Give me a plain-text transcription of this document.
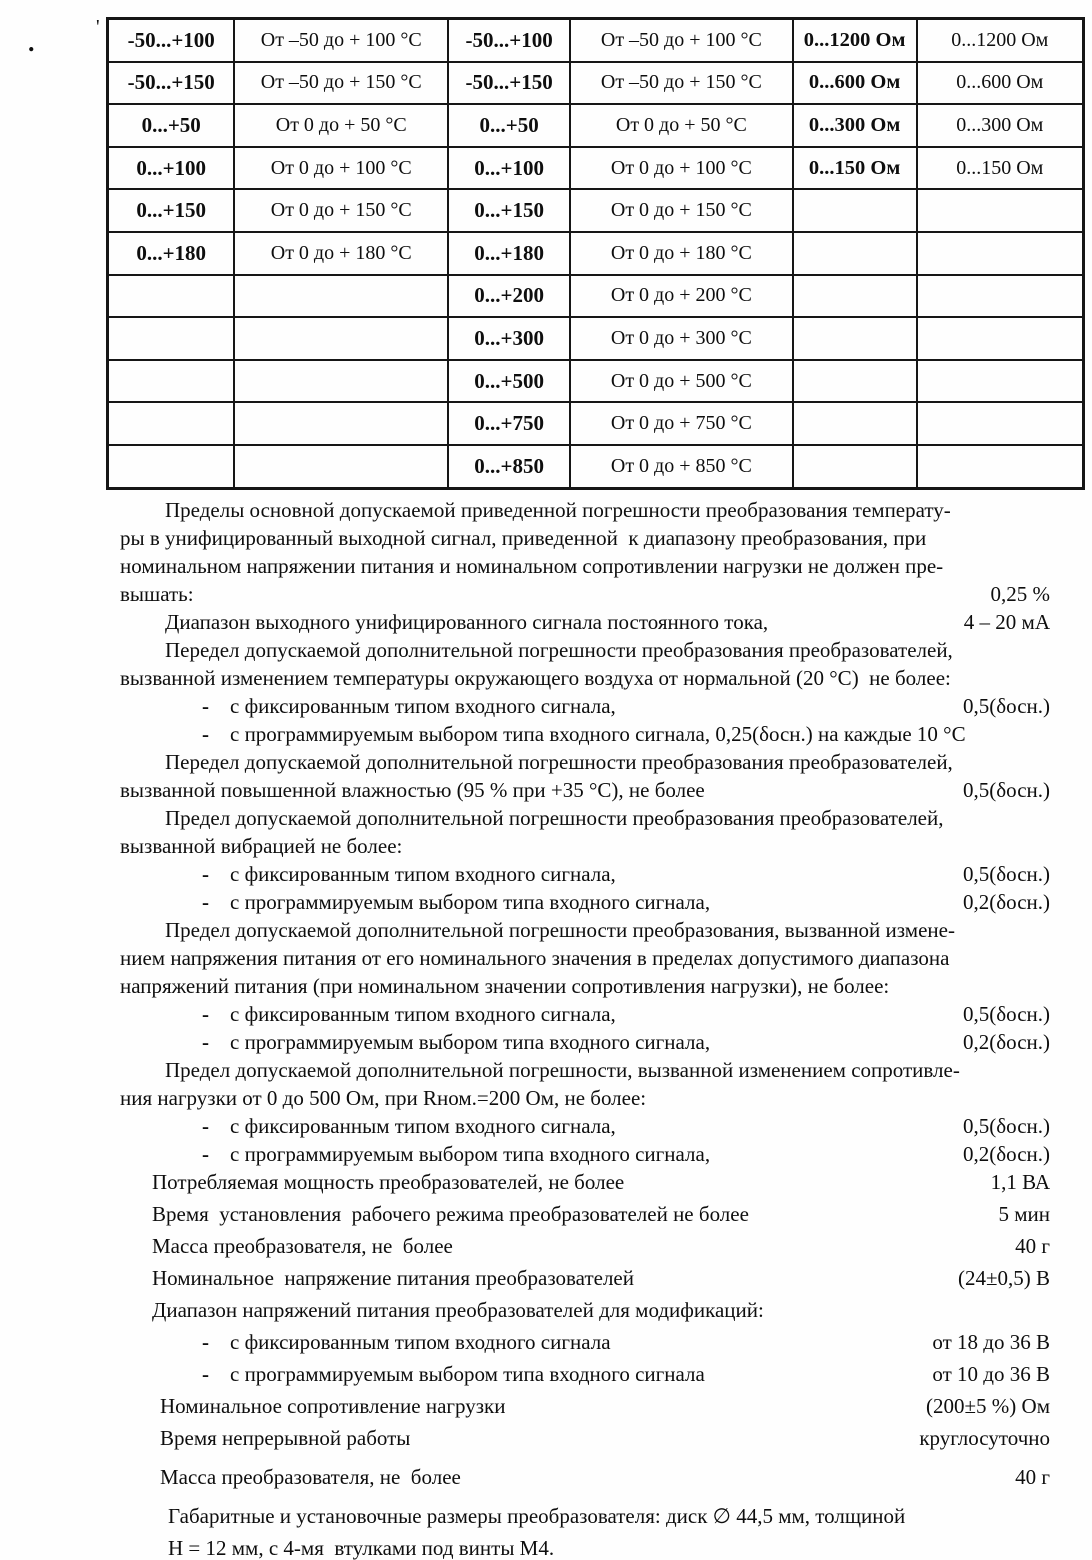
.
'
-50...+100	От –50 до + 100 °С	-50...+100	От –50 до + 100 °С	0...1200 Ом	0...1200 Ом
-50...+150	От –50 до + 150 °С	-50...+150	От –50 до + 150 °С	0...600 Ом	0...600 Ом
0...+50	От 0 до + 50 °С	0...+50	От 0 до + 50 °С	0...300 Ом	0...300 Ом
0...+100	От 0 до + 100 °С	0...+100	От 0 до + 100 °С	0...150 Ом	0...150 Ом
0...+150	От 0 до + 150 °С	0...+150	От 0 до + 150 °С		
0...+180	От 0 до + 180 °С	0...+180	От 0 до + 180 °С		
		0...+200	От 0 до + 200 °С		
		0...+300	От 0 до + 300 °С		
		0...+500	От 0 до + 500 °С		
		0...+750	От 0 до + 750 °С		
		0...+850	От 0 до + 850 °С		
Пределы основной допускаемой приведенной погрешности преобразования температу-
ры в унифицированный выходной сигнал, приведенной  к диапазону преобразования, при
номинальном напряжении питания и номинальном сопротивлении нагрузки не должен пре-
вышать:	0,25 %
Диапазон выходного унифицированного сигнала постоянного тока,	4 – 20 мА
Передел допускаемой дополнительной погрешности преобразования преобразователей,
вызванной изменением температуры окружающего воздуха от нормальной (20 °С)  не более:
-	с фиксированным типом входного сигнала,	0,5(δосн.)
-	с программируемым выбором типа входного сигнала, 0,25(δосн.) на каждые 10 °С
Передел допускаемой дополнительной погрешности преобразования преобразователей,
вызванной повышенной влажностью (95 % при +35 °С), не более	0,5(δосн.)
Предел допускаемой дополнительной погрешности преобразования преобразователей,
вызванной вибрацией не более:
-	с фиксированным типом входного сигнала,	0,5(δосн.)
-	с программируемым выбором типа входного сигнала,	0,2(δосн.)
Предел допускаемой дополнительной погрешности преобразования, вызванной измене-
нием напряжения питания от его номинального значения в пределах допустимого диапазона
напряжений питания (при номинальном значении сопротивления нагрузки), не более:
-	с фиксированным типом входного сигнала,	0,5(δосн.)
-	с программируемым выбором типа входного сигнала,	0,2(δосн.)
Предел допускаемой дополнительной погрешности, вызванной изменением сопротивле-
ния нагрузки от 0 до 500 Ом, при Rном.=200 Ом, не более:
-	с фиксированным типом входного сигнала,	0,5(δосн.)
-	с программируемым выбором типа входного сигнала,	0,2(δосн.)
Потребляемая мощность преобразователей, не более	1,1 ВА
Время  установления  рабочего режима преобразователей не более	5 мин
Масса преобразователя, не  более	40 г
Номинальное  напряжение питания преобразователей	(24±0,5) В
Диапазон напряжений питания преобразователей для модификаций:
-	с фиксированным типом входного сигнала	от 18 до 36 В
-	с программируемым выбором типа входного сигнала	от 10 до 36 В
Номинальное сопротивление нагрузки	(200±5 %) Ом
Время непрерывной работы	круглосуточно
Масса преобразователя, не  более	40 г
Габаритные и установочные размеры преобразователя: диск ∅ 44,5 мм, толщиной
H = 12 мм, с 4-мя  втулками под винты М4.
